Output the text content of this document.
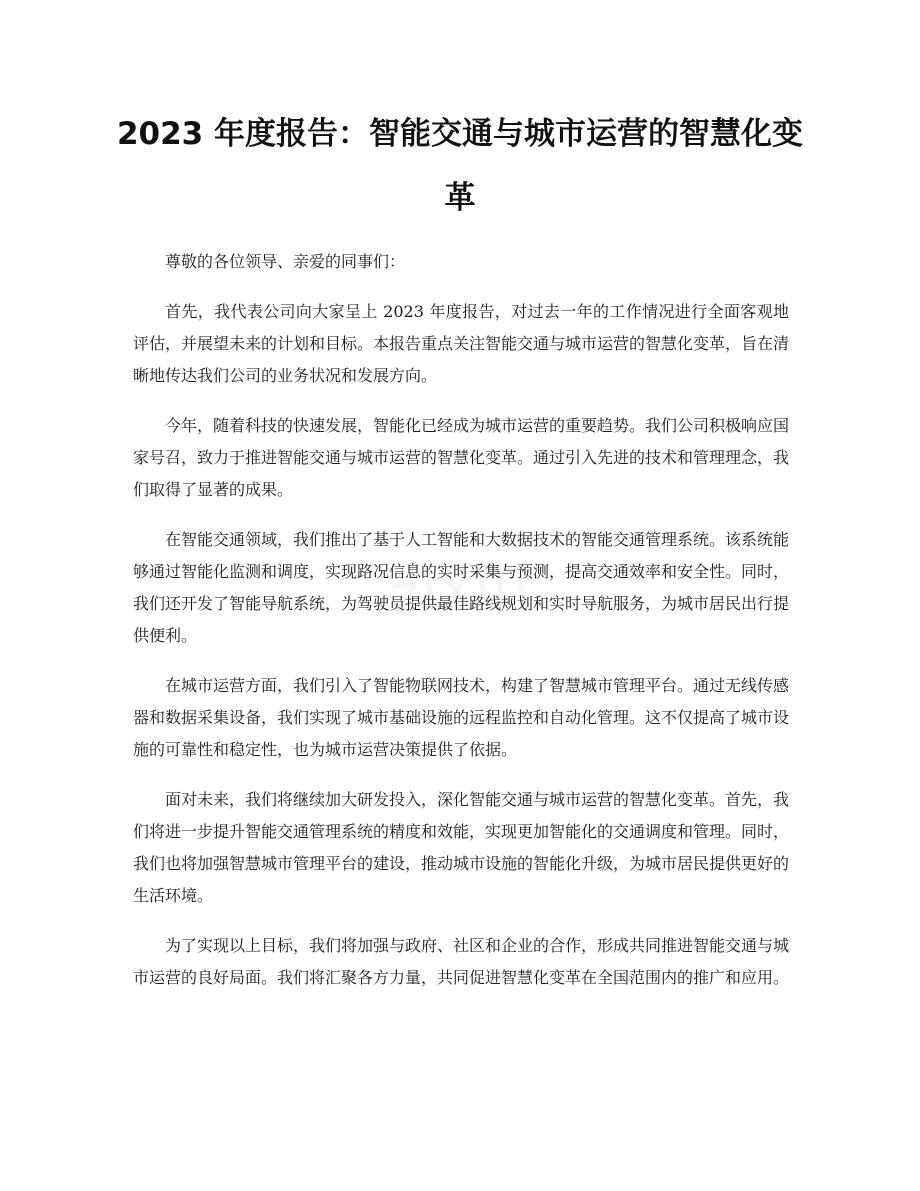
2023 年度报告：智能交通与城市运营的智慧化变革
zixin

尊敬的各位领导、亲爱的同事们：

首先，我代表公司向大家呈上 2023 年度报告，对过去一年的工作情况进行全面客观地评估，并展望未来的计划和目标。本报告重点关注智能交通与城市运营的智慧化变革，旨在清晰地传达我们公司的业务状况和发展方向。

今年，随着科技的快速发展，智能化已经成为城市运营的重要趋势。我们公司积极响应国家号召，致力于推进智能交通与城市运营的智慧化变革。通过引入先进的技术和管理理念，我们取得了显著的成果。

在智能交通领域，我们推出了基于人工智能和大数据技术的智能交通管理系统。该系统能够通过智能化监测和调度，实现路况信息的实时采集与预测，提高交通效率和安全性。同时，我们还开发了智能导航系统，为驾驶员提供最佳路线规划和实时导航服务，为城市居民出行提供便利。

在城市运营方面，我们引入了智能物联网技术，构建了智慧城市管理平台。通过无线传感器和数据采集设备，我们实现了城市基础设施的远程监控和自动化管理。这不仅提高了城市设施的可靠性和稳定性，也为城市运营决策提供了依据。

面对未来，我们将继续加大研发投入，深化智能交通与城市运营的智慧化变革。首先，我们将进一步提升智能交通管理系统的精度和效能，实现更加智能化的交通调度和管理。同时，我们也将加强智慧城市管理平台的建设，推动城市设施的智能化升级，为城市居民提供更好的生活环境。

为了实现以上目标，我们将加强与政府、社区和企业的合作，形成共同推进智能交通与城市运营的良好局面。我们将汇聚各方力量，共同促进智慧化变革在全国范围内的推广和应用。
